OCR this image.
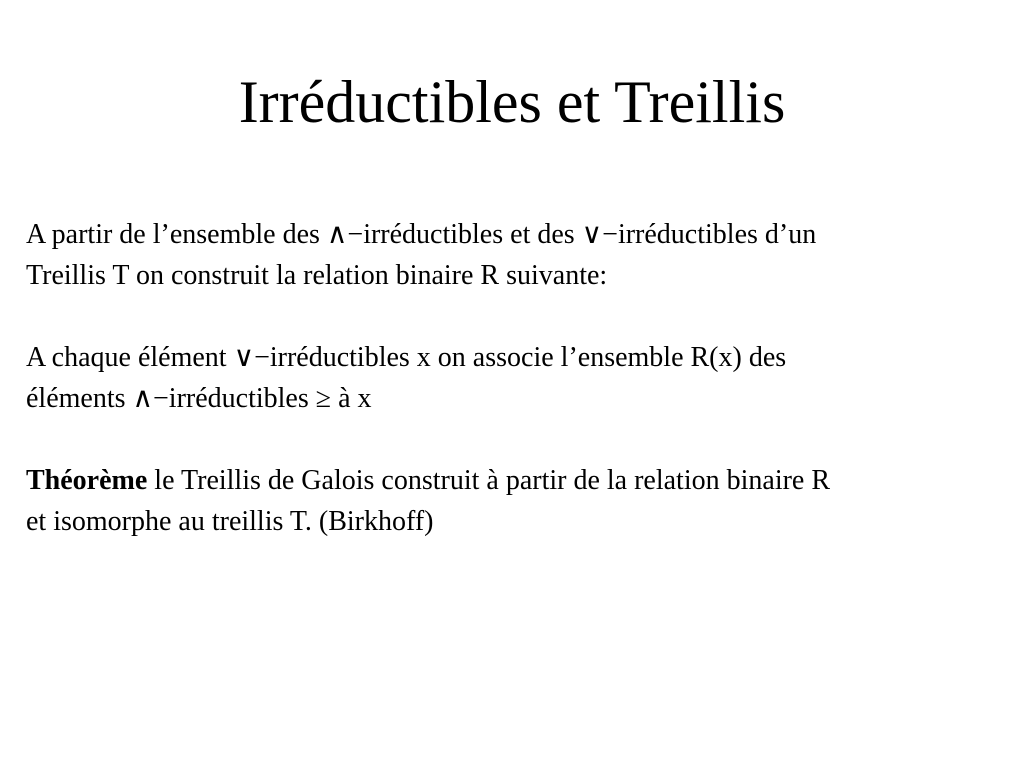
Irréductibles et Treillis

A partir de l’ensemble des ∧−irréductibles et des ∨−irréductibles d’un
Treillis T on construit la relation binaire R suivante:

A chaque élément ∨−irréductibles x on associe l’ensemble R(x) des
éléments ∧−irréductibles ≥ à x

Théorème le Treillis de Galois construit à partir de la relation binaire R
et isomorphe au treillis T. (Birkhoff)
